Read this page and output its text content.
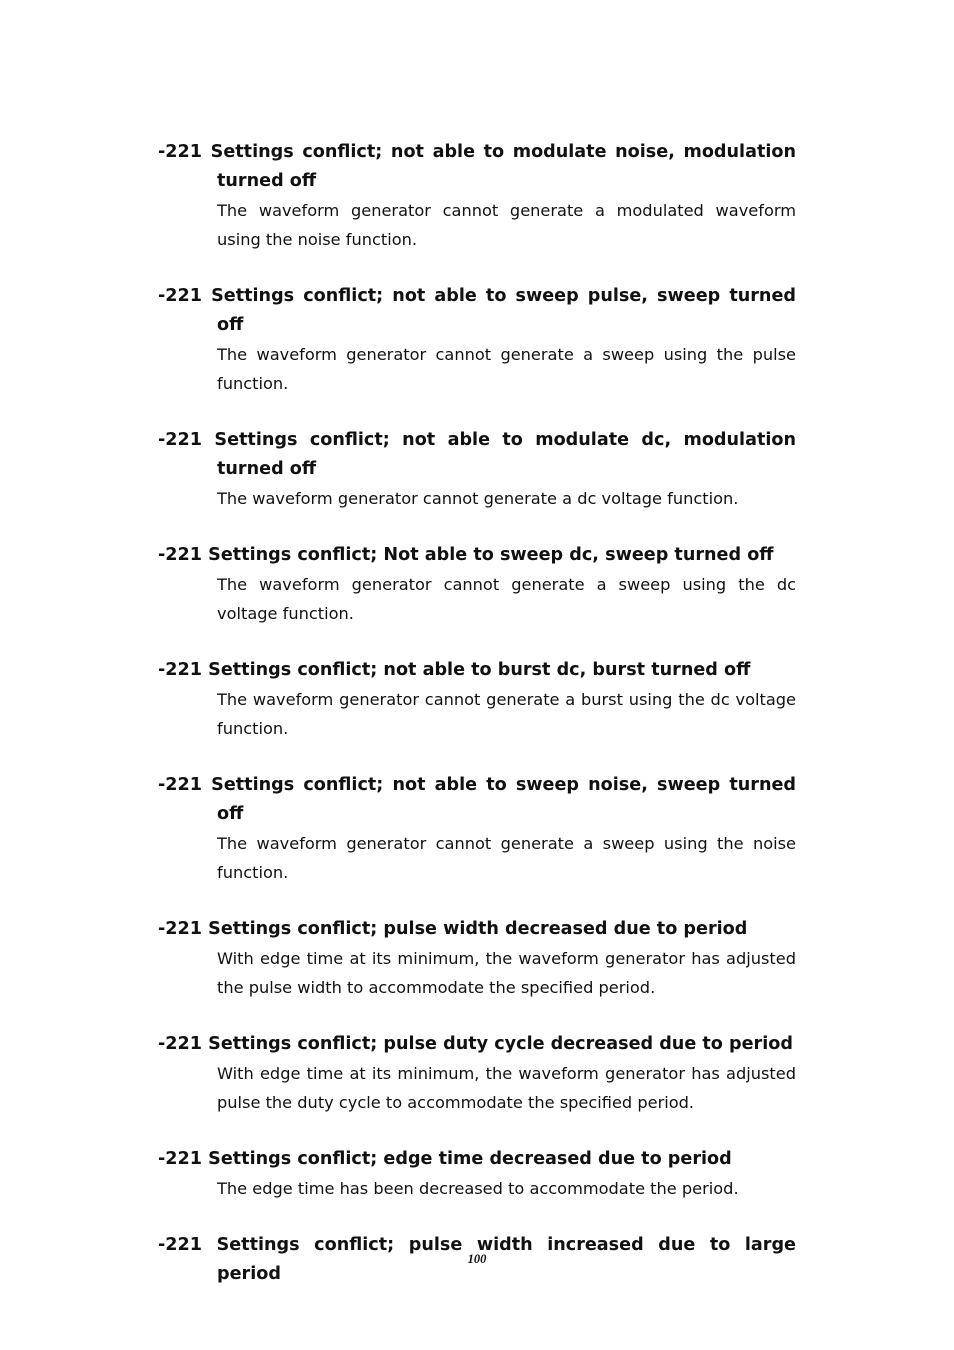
-221 Settings conflict; not able to modulate noise, modulation turned off
The waveform generator cannot generate a modulated waveform using the noise function.
-221 Settings conflict; not able to sweep pulse, sweep turned off
The waveform generator cannot generate a sweep using the pulse function.
-221 Settings conflict; not able to modulate dc, modulation turned off
The waveform generator cannot generate a dc voltage function.
-221 Settings conflict; Not able to sweep dc, sweep turned off
The waveform generator cannot generate a sweep using the dc voltage function.
-221 Settings conflict; not able to burst dc, burst turned off
The waveform generator cannot generate a burst using the dc voltage function.
-221 Settings conflict; not able to sweep noise, sweep turned off
The waveform generator cannot generate a sweep using the noise function.
-221 Settings conflict; pulse width decreased due to period
With edge time at its minimum, the waveform generator has adjusted the pulse width to accommodate the specified period.
-221 Settings conflict; pulse duty cycle decreased due to period
With edge time at its minimum, the waveform generator has adjusted pulse the duty cycle to accommodate the specified period.
-221 Settings conflict; edge time decreased due to period
The edge time has been decreased to accommodate the period.
-221 Settings conflict; pulse width increased due to large period
100
